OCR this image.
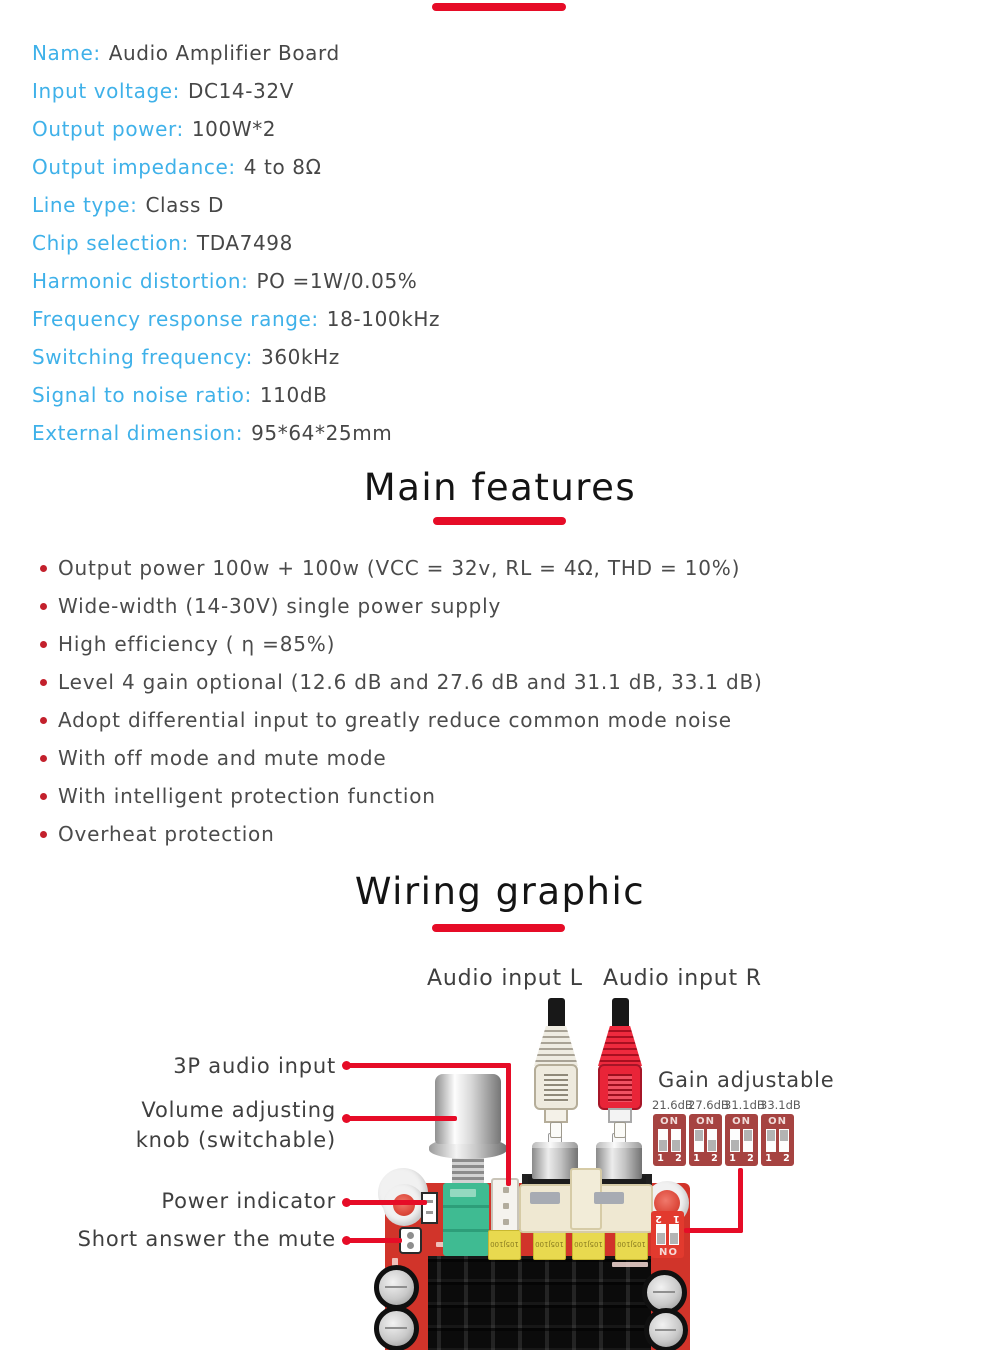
Name: Audio Amplifier Board
Input voltage: DC14-32V
Output power: 100W*2
Output impedance: 4 to 8Ω
Line type: Class D
Chip selection: TDA7498
Harmonic distortion: PO =1W/0.05%
Frequency response range: 18-100kHz
Switching frequency: 360kHz
Signal to noise ratio: 110dB
External dimension: 95*64*25mm
Main features
Output power 100w + 100w (VCC = 32v, RL = 4Ω, THD = 10%)
Wide-width (14-30V) single power supply
High efficiency ( η =85%)
Level 4 gain optional (12.6 dB and 27.6 dB and 31.1 dB, 33.1 dB)
Adopt differential input to greatly reduce common mode noise
With off mode and mute mode
With intelligent protection function
Overheat protection
Wiring graphic
Audio input L Audio input R
3P audio input
Volume adjusting
knob (switchable)
Power indicator
Short answer the mute
Gain adjustable
21.6dB
27.6dB
31.1dB
33.1dB
ON
1 2
ON
1 2
ON
1 2
ON
1 2
105J100 105J100 105J100 105J100
ON
1 2
